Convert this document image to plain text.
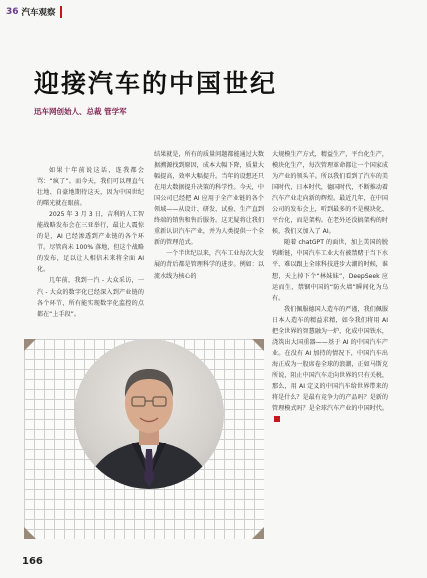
36 汽车观察
迎接汽车的中国世纪
迅车网创始人、总裁 管学军

如果十年前说这话，连我都会骂：“疯了”。而今天，我们可以理直气壮地、自豪地期待这天，因为中国世纪的曙光就在眼前。

2025 年 3 月 3 日，吉利的人工智能战略发布会在三亚举行，最让人震惊的是，AI 已经渗透到产业链的各个环节。尽管尚未 100% 落地，但这个战略的发布，足以让人相信未来将全面 AI 化。

几年前，我到一汽 - 大众采访，一汽 - 大众的数字化已经深入到产业链的各个环节，所有能实现数字化监控的点都在“上手段”。

结果就是，所有的质量问题都能通过大数据溯源找到原因，成本大幅下降，质量大幅提高，效率大幅提升。当年的设想还只在用大数据提升决策的科学性。今天，中国公司已经把 AI 应用于全产业链的各个领域——从设计、研发、试验、生产直到终端的销售和售后服务。这无疑将让我们重新认识汽车产业，并为人类提供一个全新的管理范式。

一个半世纪以来，汽车工业每次大发展的背后都是管理科学的进步。例如：以流水线为核心的

大规模生产方式，精益生产，平台化生产，模块化生产，每次管理革命都让一个国家成为产业的领头羊。所以我们看到了汽车的美国时代，日本时代，德国时代，不断推动着汽车产业走向新的辉煌。最近几年，在中国公司的发布会上，听到最多的不是模块化、平台化，而是架构。在老外还没搞架构的时候，我们又加入了 AI。

随着 chatGPT 的面世，加上美国的脱钩断链，中国汽车工业大有被禁赌于当下水平、难以跟上全球科技进步大潮的时候，谁想，天上掉下个“林妹妹”，DeepSeek 应运而生，禁锢中国的“防火墙”瞬间化为乌有。

我们佩服德国人造车的严谨，我们佩服日本人造车的精益求精，如今我们将用 AI 把全世界的智慧融为一炉，化成中国铁水，浇筑出大国重器——基于 AI 的中国汽车产业。在没有 AI 加持的情况下，中国汽车出海正成为一股席卷全球的浪潮，正如马斯克所说，阻止中国汽车走向世界的只有关税，那么，用 AI 定义的中国汽车给世界带来的将是什么？是最有竞争力的产品吗？是新的管理模式吗？是全球汽车产业的中国时代。

166
